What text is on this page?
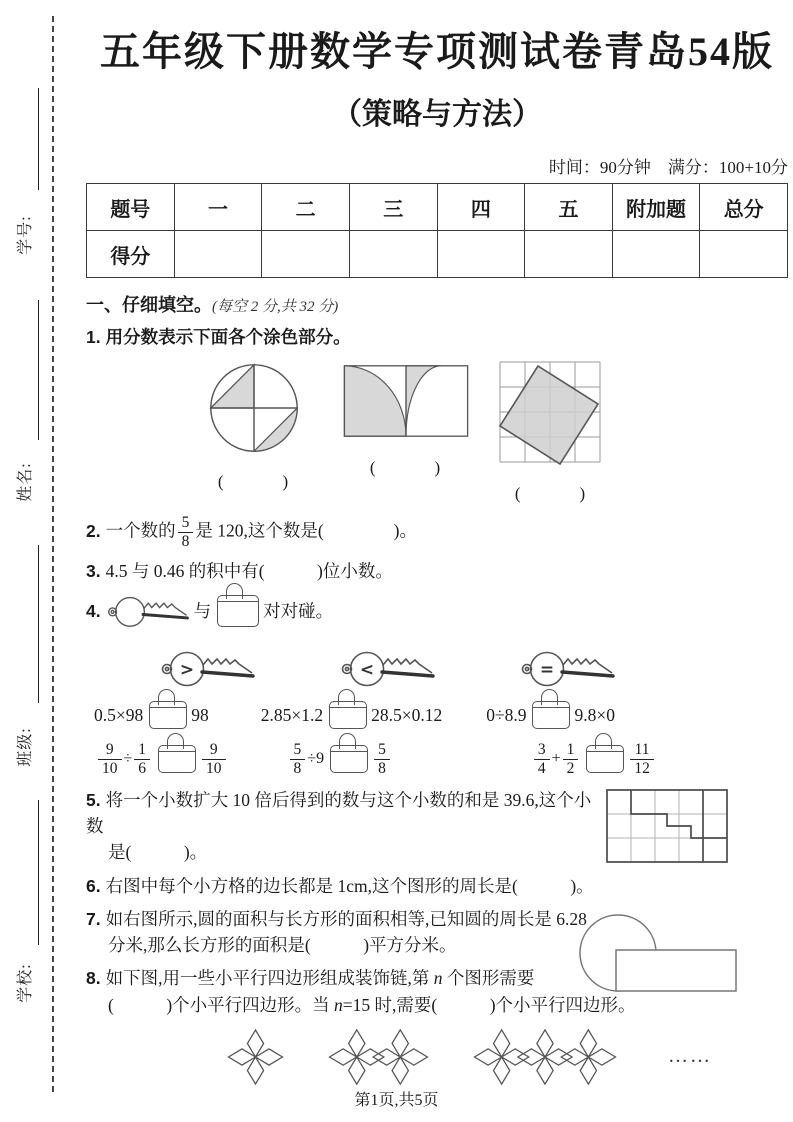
学号:
姓名:
班级:
学校:
五年级下册数学专项测试卷青岛54版
（策略与方法）
时间：90分钟　满分：100+10分
题号	一	二	三	四	五	附加题	总分
得分							
一、仔细填空。(每空 2 分,共 32 分)
1. 用分数表示下面各个涂色部分。
(　　　)
(　　　)
(　　　)
2. 一个数的 $\frac{5}{8}$ 是 120,这个数是(　　　　)。
3. 4.5 与 0.46 的积中有(　　　)位小数。
4.	与	对对碰。
>	<	=
0.5×98	98	2.85×1.2	28.5×0.12	0÷8.9	9.8×0
$\frac{9}{10} \div \frac{1}{6}$	$\frac{9}{10}$	$\frac{5}{8} \div 9$	$\frac{5}{8}$	$\frac{3}{4} + \frac{1}{2}$	$\frac{11}{12}$
5. 将一个小数扩大 10 倍后得到的数与这个小数的和是 39.6,这个小数
是(　　　)。
6. 右图中每个小方格的边长都是 1cm,这个图形的周长是(　　　)。
7. 如右图所示,圆的面积与长方形的面积相等,已知圆的周长是 6.28
分米,那么长方形的面积是(　　　)平方分米。
8. 如下图,用一些小平行四边形组成装饰链,第 n 个图形需要
(　　　)个小平行四边形。当 n=15 时,需要(　　　)个小平行四边形。
……
第1页,共5页
